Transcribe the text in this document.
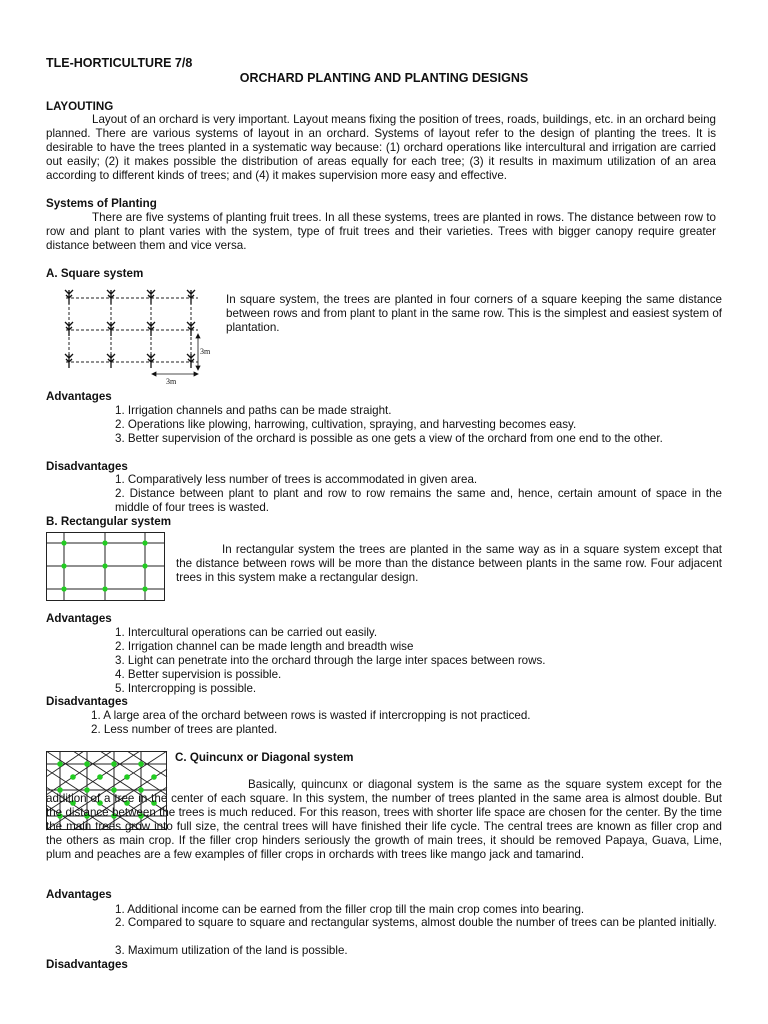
TLE-HORTICULTURE 7/8
ORCHARD PLANTING AND PLANTING DESIGNS
LAYOUTING

Layout of an orchard is very important. Layout means fixing the position of trees, roads, buildings, etc. in an orchard being planned. There are various systems of layout in an orchard. Systems of layout refer to the design of planting the trees. It is desirable to have the trees planted in a systematic way because: (1) orchard operations like intercultural and irrigation are carried out easily; (2) it makes possible the distribution of areas equally for each tree; (3) it results in maximum utilization of an area according to different kinds of trees; and (4) it makes supervision more easy and effective.

Systems of Planting

There are five systems of planting fruit trees. In all these systems, trees are planted in rows. The distance between row to row and plant to plant varies with the system, type of fruit trees and their varieties. Trees with bigger canopy require greater distance between them and vice versa.

A. Square system
3m
3m

In square system, the trees are planted in four corners of a square keeping the same distance between rows and from plant to plant in the same row. This is the simplest and easiest system of plantation.

Advantages
1. Irrigation channels and paths can be made straight.
2. Operations like plowing, harrowing, cultivation, spraying, and harvesting becomes easy.

3. Better supervision of the orchard is possible as one gets a view of the orchard from one end to the other.

Disadvantages
1. Comparatively less number of trees is accommodated in given area.

2. Distance between plant to plant and row to row remains the same and, hence, certain amount of space in the middle of four trees is wasted.

B. Rectangular system

In rectangular system the trees are planted in the same way as in a square system except that the distance between rows will be more than the distance between plants in the same row. Four adjacent trees in this system make a rectangular design.

Advantages
1. Intercultural operations can be carried out easily.
2. Irrigation channel can be made length and breadth wise
3. Light can penetrate into the orchard through the large inter spaces between rows.
4. Better supervision is possible.
5. Intercropping is possible.
Disadvantages
1. A large area of the orchard between rows is wasted if intercropping is not practiced.
2. Less number of trees are planted.
C. Quincunx or Diagonal system

Basically, quincunx or diagonal system is the same as the square system except for the addition of a tree in the center of each square. In this system, the number of trees planted in the same area is almost double. But the distance between the trees is much reduced. For this reason, trees with shorter life space are chosen for the center. By the time the main trees grow into full size, the central trees will have finished their life cycle. The central trees are known as filler crop and the others as main crop. If the filler crop hinders seriously the growth of main trees, it should be removed Papaya, Guava, Lime, plum and peaches are a few examples of filler crops in orchards with trees like mango jack and tamarind.

Advantages
1. Additional income can be earned from the filler crop till the main crop comes into bearing.

2. Compared to square to square and rectangular systems, almost double the number of trees can be planted initially.

3. Maximum utilization of the land is possible.
Disadvantages
